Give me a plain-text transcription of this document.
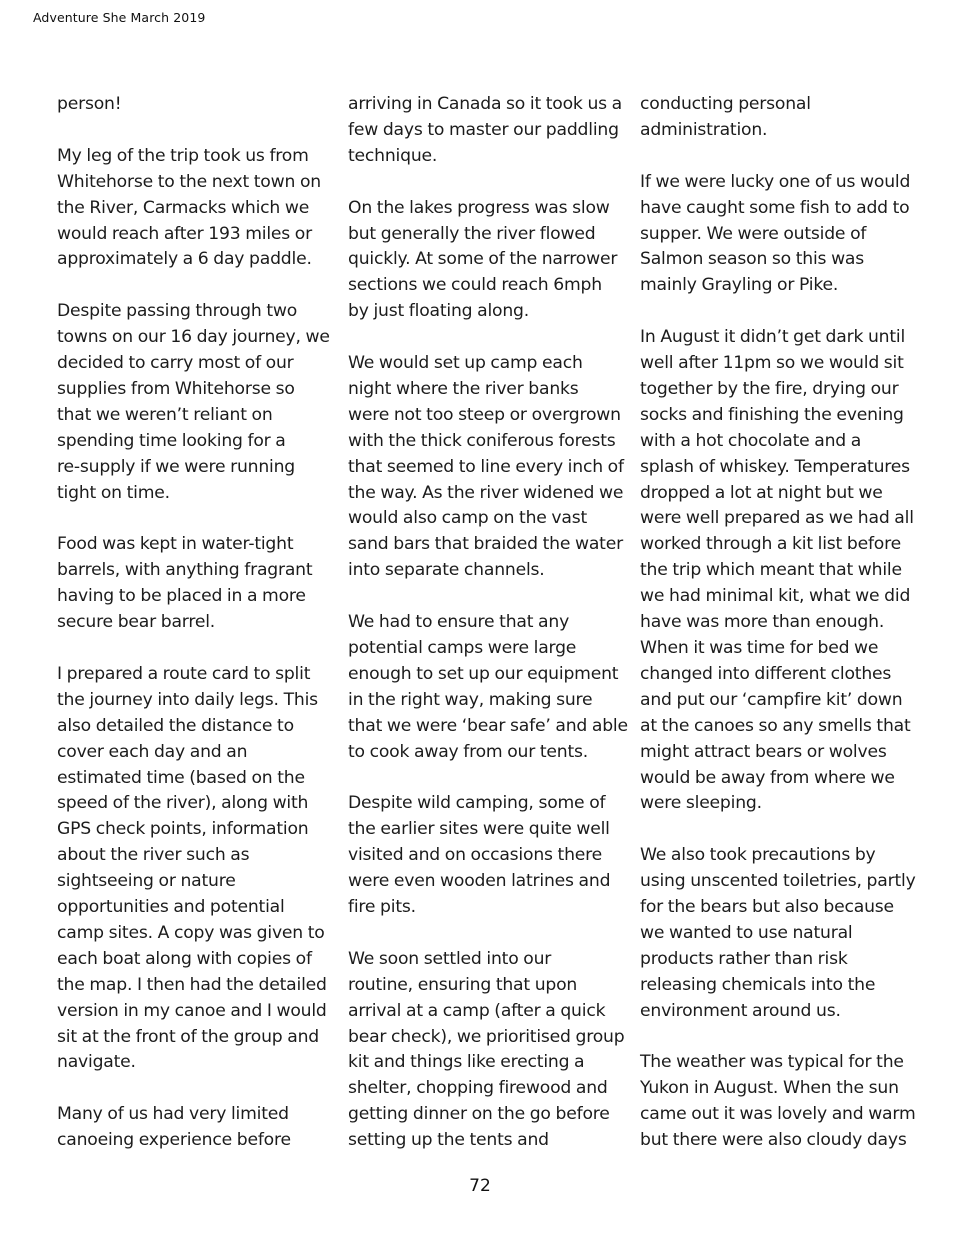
Adventure She March 2019
person!
My leg of the trip took us from
Whitehorse to the next town on
the River, Carmacks which we
would reach after 193 miles or
approximately a 6 day paddle.
Despite passing through two
towns on our 16 day journey, we
decided to carry most of our
supplies from Whitehorse so
that we weren’t reliant on
spending time looking for a
re-supply if we were running
tight on time.
Food was kept in water-tight
barrels, with anything fragrant
having to be placed in a more
secure bear barrel.
I prepared a route card to split
the journey into daily legs. This
also detailed the distance to
cover each day and an
estimated time (based on the
speed of the river), along with
GPS check points, information
about the river such as
sightseeing or nature
opportunities and potential
camp sites. A copy was given to
each boat along with copies of
the map. I then had the detailed
version in my canoe and I would
sit at the front of the group and
navigate.
Many of us had very limited
canoeing experience before
arriving in Canada so it took us a
few days to master our paddling
technique.
On the lakes progress was slow
but generally the river flowed
quickly. At some of the narrower
sections we could reach 6mph
by just floating along.
We would set up camp each
night where the river banks
were not too steep or overgrown
with the thick coniferous forests
that seemed to line every inch of
the way. As the river widened we
would also camp on the vast
sand bars that braided the water
into separate channels.
We had to ensure that any
potential camps were large
enough to set up our equipment
in the right way, making sure
that we were ‘bear safe’ and able
to cook away from our tents.
Despite wild camping, some of
the earlier sites were quite well
visited and on occasions there
were even wooden latrines and
fire pits.
We soon settled into our
routine, ensuring that upon
arrival at a camp (after a quick
bear check), we prioritised group
kit and things like erecting a
shelter, chopping firewood and
getting dinner on the go before
setting up the tents and
conducting personal
administration.
If we were lucky one of us would
have caught some fish to add to
supper. We were outside of
Salmon season so this was
mainly Grayling or Pike.
In August it didn’t get dark until
well after 11pm so we would sit
together by the fire, drying our
socks and finishing the evening
with a hot chocolate and a
splash of whiskey. Temperatures
dropped a lot at night but we
were well prepared as we had all
worked through a kit list before
the trip which meant that while
we had minimal kit, what we did
have was more than enough.
When it was time for bed we
changed into different clothes
and put our ‘campfire kit’ down
at the canoes so any smells that
might attract bears or wolves
would be away from where we
were sleeping.
We also took precautions by
using unscented toiletries, partly
for the bears but also because
we wanted to use natural
products rather than risk
releasing chemicals into the
environment around us.
The weather was typical for the
Yukon in August. When the sun
came out it was lovely and warm
but there were also cloudy days
72
